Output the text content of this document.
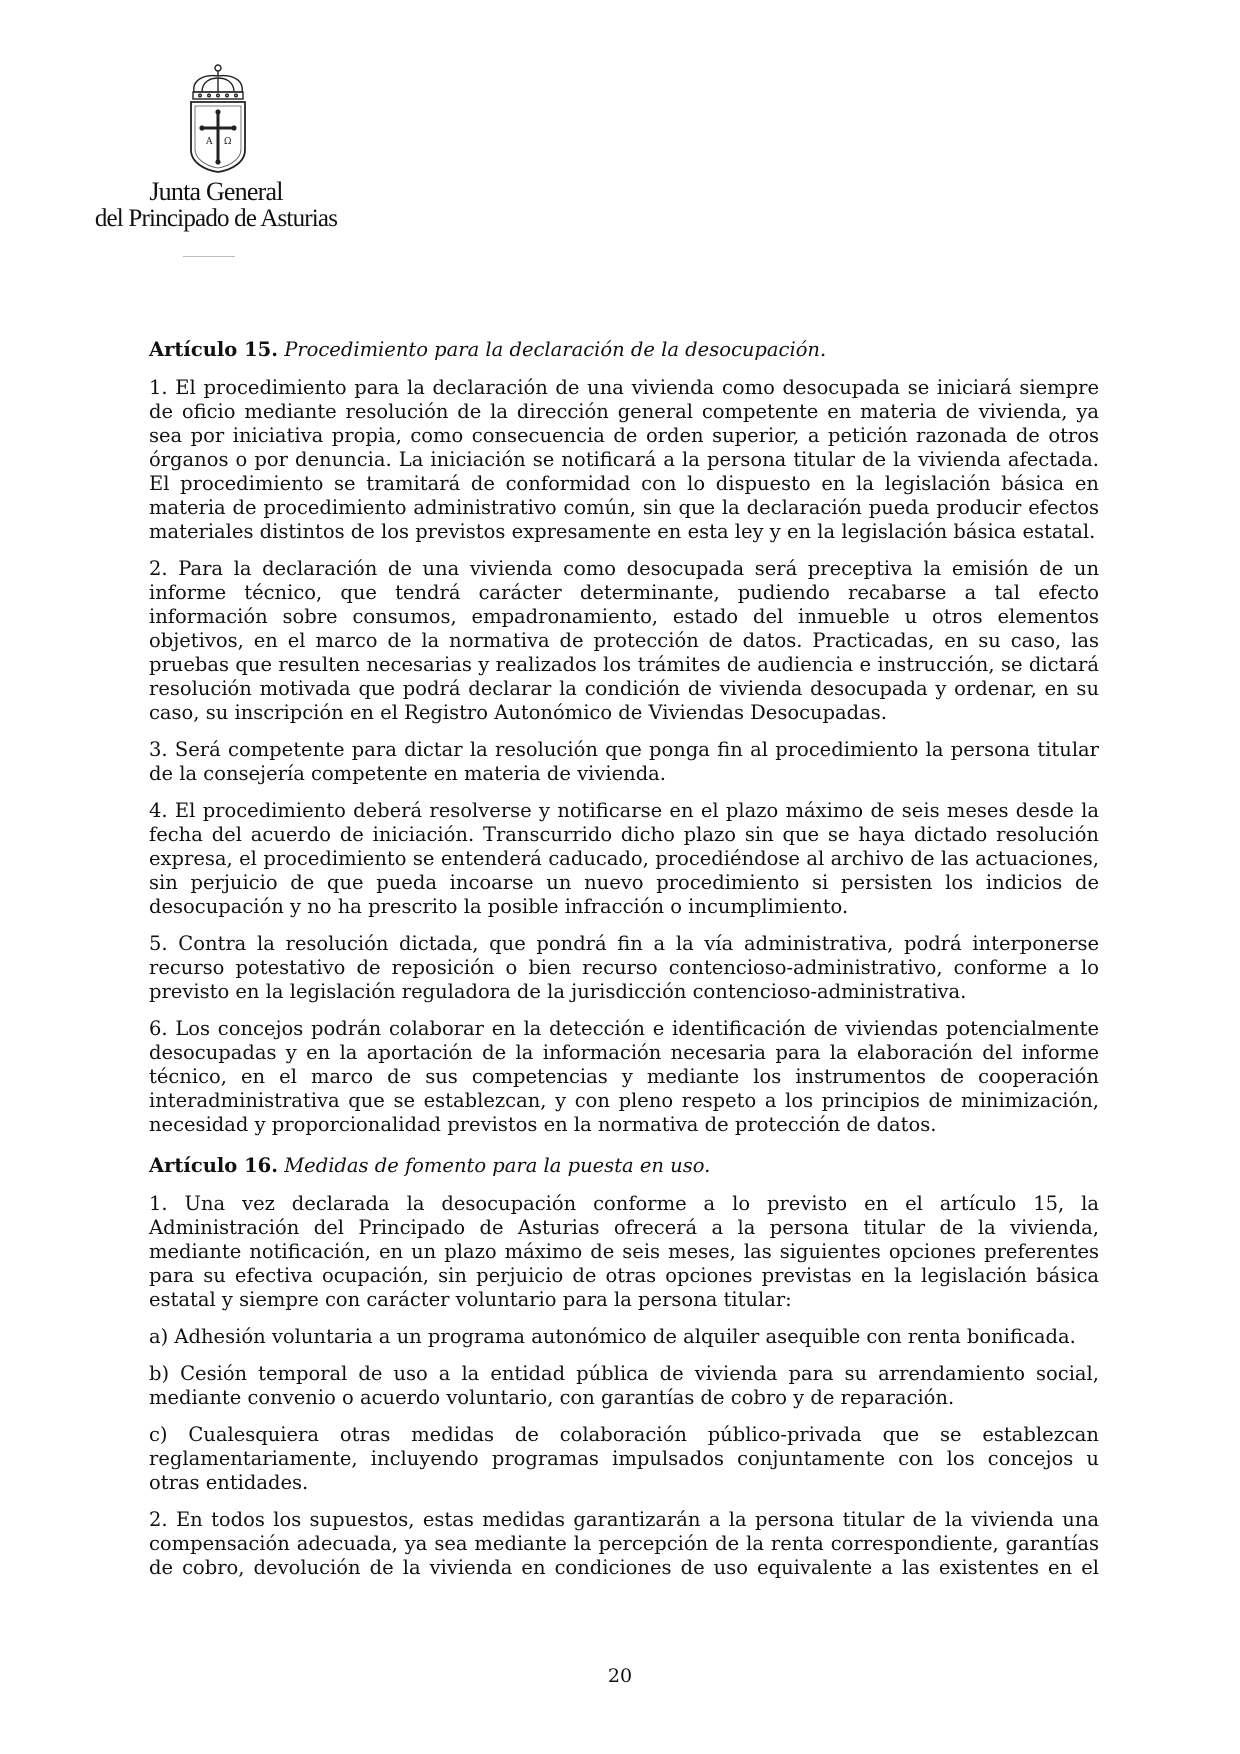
A Ω
Junta General
del Principado de Asturias

Artículo 15. Procedimiento para la declaración de la desocupación.

1. El procedimiento para la declaración de una vivienda como desocupada se iniciará siempre de oficio mediante resolución de la dirección general competente en materia de vivienda, ya sea por iniciativa propia, como consecuencia de orden superior, a petición razonada de otros órganos o por denuncia. La iniciación se notificará a la persona titular de la vivienda afectada. El procedimiento se tramitará de conformidad con lo dispuesto en la legislación básica en materia de procedimiento administrativo común, sin que la declaración pueda producir efectos materiales distintos de los previstos expresamente en esta ley y en la legislación básica estatal.

2. Para la declaración de una vivienda como desocupada será preceptiva la emisión de un informe técnico, que tendrá carácter determinante, pudiendo recabarse a tal efecto información sobre consumos, empadronamiento, estado del inmueble u otros elementos objetivos, en el marco de la normativa de protección de datos. Practicadas, en su caso, las pruebas que resulten necesarias y realizados los trámites de audiencia e instrucción, se dictará resolución motivada que podrá declarar la condición de vivienda desocupada y ordenar, en su caso, su inscripción en el Registro Autonómico de Viviendas Desocupadas.

3. Será competente para dictar la resolución que ponga fin al procedimiento la persona titular de la consejería competente en materia de vivienda.

4. El procedimiento deberá resolverse y notificarse en el plazo máximo de seis meses desde la fecha del acuerdo de iniciación. Transcurrido dicho plazo sin que se haya dictado resolución expresa, el procedimiento se entenderá caducado, procediéndose al archivo de las actuaciones, sin perjuicio de que pueda incoarse un nuevo procedimiento si persisten los indicios de desocupación y no ha prescrito la posible infracción o incumplimiento.

5. Contra la resolución dictada, que pondrá fin a la vía administrativa, podrá interponerse recurso potestativo de reposición o bien recurso contencioso-administrativo, conforme a lo previsto en la legislación reguladora de la jurisdicción contencioso-administrativa.

6. Los concejos podrán colaborar en la detección e identificación de viviendas potencialmente desocupadas y en la aportación de la información necesaria para la elaboración del informe técnico, en el marco de sus competencias y mediante los instrumentos de cooperación interadministrativa que se establezcan, y con pleno respeto a los principios de minimización, necesidad y proporcionalidad previstos en la normativa de protección de datos.

Artículo 16. Medidas de fomento para la puesta en uso.

1. Una vez declarada la desocupación conforme a lo previsto en el artículo 15, la Administración del Principado de Asturias ofrecerá a la persona titular de la vivienda, mediante notificación, en un plazo máximo de seis meses, las siguientes opciones preferentes para su efectiva ocupación, sin perjuicio de otras opciones previstas en la legislación básica estatal y siempre con carácter voluntario para la persona titular:

a) Adhesión voluntaria a un programa autonómico de alquiler asequible con renta bonificada.

b) Cesión temporal de uso a la entidad pública de vivienda para su arrendamiento social, mediante convenio o acuerdo voluntario, con garantías de cobro y de reparación.

c) Cualesquiera otras medidas de colaboración público-privada que se establezcan reglamentariamente, incluyendo programas impulsados conjuntamente con los concejos u otras entidades.

2. En todos los supuestos, estas medidas garantizarán a la persona titular de la vivienda una compensación adecuada, ya sea mediante la percepción de la renta correspondiente, garantías de cobro, devolución de la vivienda en condiciones de uso equivalente a las existentes en el

20
